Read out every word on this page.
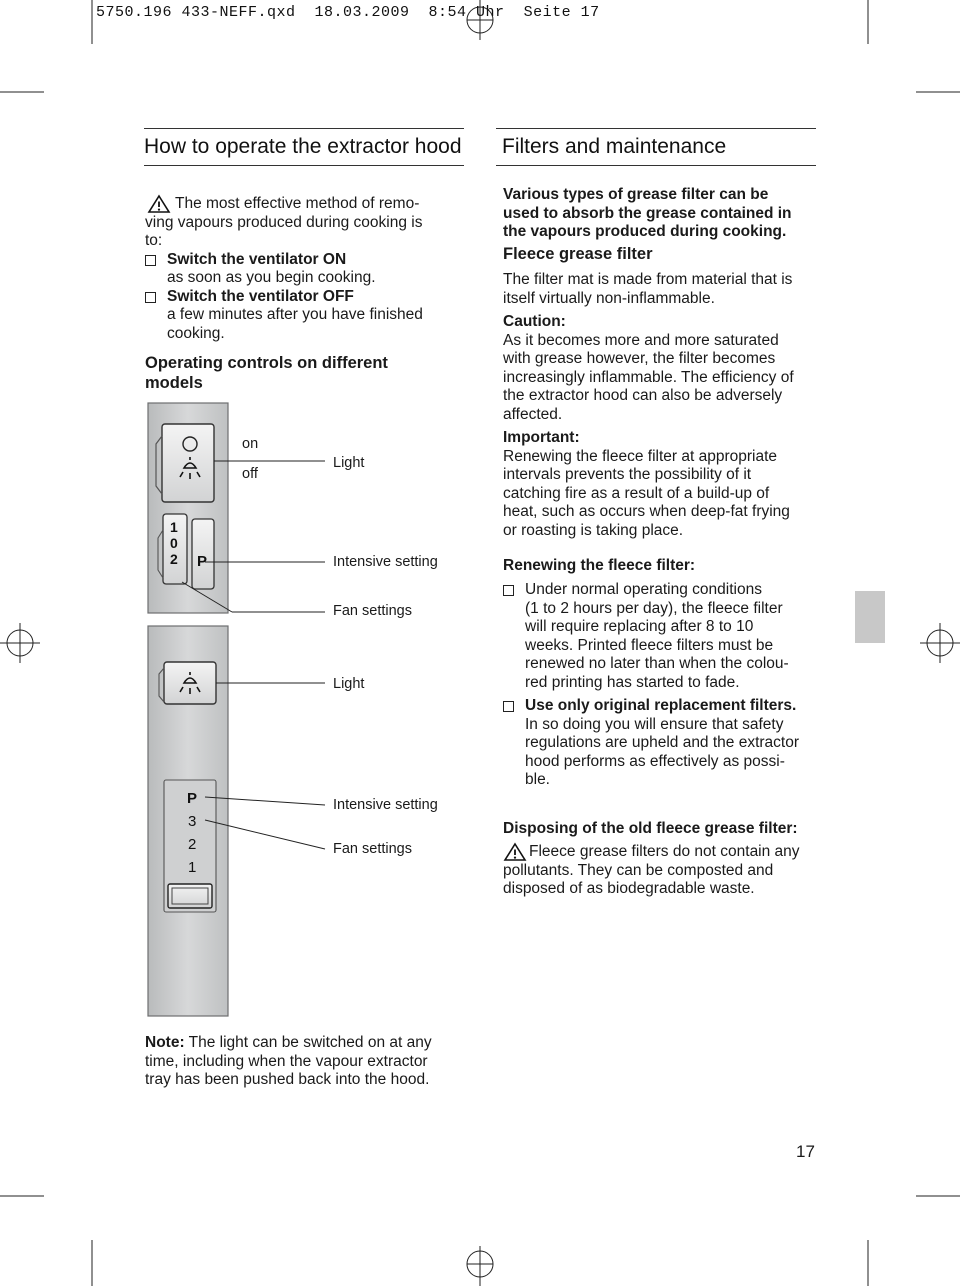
5750.196 433-NEFF.qxd  18.03.2009  8:54 Uhr  Seite 17
How to operate the extractor hood
The most effective method of remo-
ving vapours produced during cooking is
to:
Switch the ventilator ON
as soon as you begin cooking.
Switch the ventilator OFF
a few minutes after you have finished
cooking.
Operating controls on different
models
1
0
2 P
P
3
2
1
on
off
Light
Intensive setting
Fan settings
Light
Intensive setting
Fan settings
Note: The light can be switched on at any
time, including when the vapour extractor
tray has been pushed back into the hood.
Filters and maintenance
Various types of grease filter can be
used to absorb the grease contained in
the vapours produced during cooking.
Fleece grease filter
The filter mat is made from material that is
itself virtually non-inflammable.
Caution:
As it becomes more and more saturated
with grease however, the filter becomes
increasingly inflammable. The efficiency of
the extractor hood can also be adversely
affected.
Important:
Renewing the fleece filter at appropriate
intervals prevents the possibility of it
catching fire as a result of a build-up of
heat, such as occurs when deep-fat frying
or roasting is taking place.
Renewing the fleece filter:
Under normal operating conditions
(1 to 2 hours per day), the fleece filter
will require replacing after 8 to 10
weeks. Printed fleece filters must be
renewed no later than when the colou-
red printing has started to fade.
Use only original replacement filters.
In so doing you will ensure that safety
regulations are upheld and the extractor
hood performs as effectively as possi-
ble.
Disposing of the old fleece grease filter:
Fleece grease filters do not contain any
pollutants. They can be composted and
disposed of as biodegradable waste.
17
